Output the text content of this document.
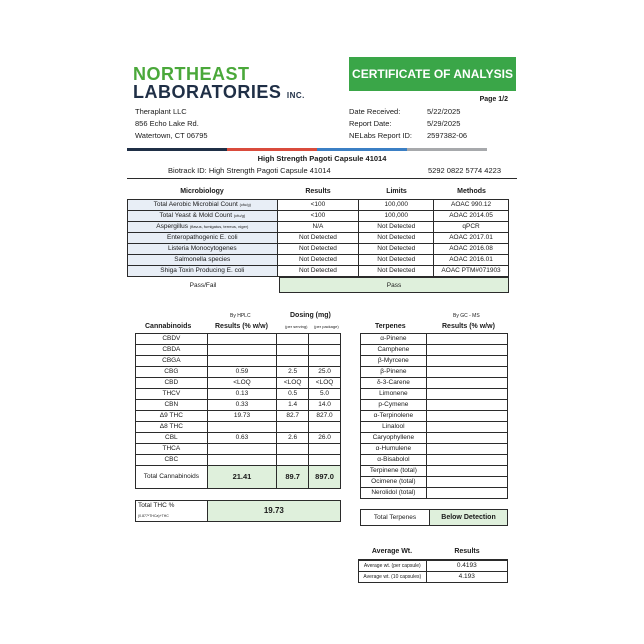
NORTHEAST
LABORATORIES INC.
CERTIFICATE OF ANALYSIS
Page 1/2
Theraplant LLC
856 Echo Lake Rd.
Watertown, CT 06795
Date Received:	5/22/2025
Report Date:	5/29/2025
NELabs Report ID:	2597382-06
High Strength Pagoti Capsule 41014
Biotrack ID: High Strength Pagoti Capsule 41014	5292 0822 5774 4223
Microbiology	Results	Limits	Methods
Total Aerobic Microbial Count (cfu/g)	<100	100,000	AOAC 990.12
Total Yeast & Mold Count (cfu/g)	<100	100,000	AOAC 2014.05
Aspergillus (flavus, fumigatus, terreus, niger)	N/A	Not Detected	qPCR
Enteropathogenic E. coli	Not Detected	Not Detected	AOAC 2017.01
Listeria Monocytogenes	Not Detected	Not Detected	AOAC 2016.08
Salmonella species	Not Detected	Not Detected	AOAC 2016.01
Shiga Toxin Producing E. coli	Not Detected	Not Detected	AOAC PTM#071903
Pass/Fail	Pass
By HPLC	Dosing (mg)
(per serving) (per package)
By GC - MS
Cannabinoids	Results (% w/w)	Terpenes	Results (% w/w)
CBDV			
CBDA			
CBGA			
CBG	0.59	2.5	25.0
CBD	<LOQ	<LOQ	<LOQ
THCV	0.13	0.5	5.0
CBN	0.33	1.4	14.0
Δ9 THC	19.73	82.7	827.0
Δ8 THC			
CBL	0.63	2.6	26.0
THCA			
CBC			
Total Cannabinoids	21.41	89.7	897.0
Total THC % (0.877*THCa)+THC	19.73
α-Pinene	
Camphene	
β-Myrcene	
β-Pinene	
δ-3-Carene	
Limonene	
p-Cymene	
α-Terpinolene	
Linalool	
Caryophyllene	
α-Humulene	
α-Bisabolol	
Terpinene (total)	
Ocimene (total)	
Nerolidol (total)	
Total Terpenes	Below Detection
Average Wt.	Results
Average wt. (per capsule)	0.4193
Average wt. (10 capsules)	4.193
